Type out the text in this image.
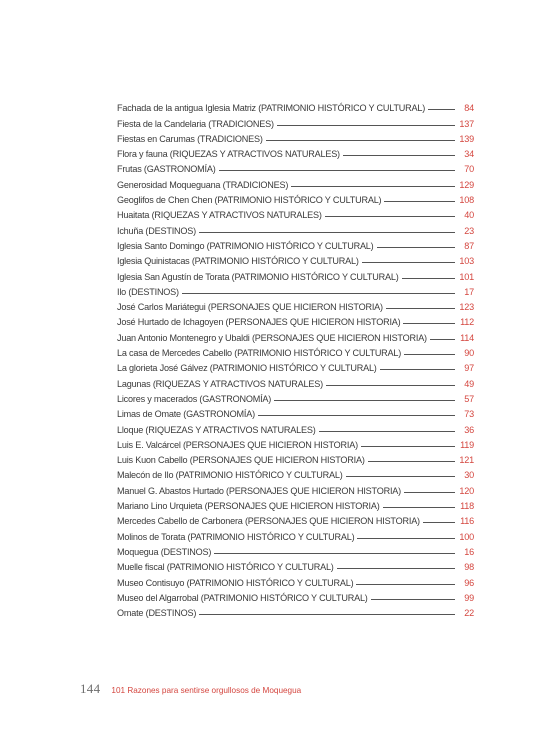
Fachada de la antigua Iglesia Matriz (PATRIMONIO HISTÓRICO Y CULTURAL)	84
Fiesta de la Candelaria (TRADICIONES)	137
Fiestas en Carumas (TRADICIONES)	139
Flora y fauna (RIQUEZAS Y ATRACTIVOS NATURALES)	34
Frutas (GASTRONOMÍA)	70
Generosidad Moqueguana (TRADICIONES)	129
Geoglifos de Chen Chen (PATRIMONIO HISTÓRICO Y CULTURAL)	108
Huaitata (RIQUEZAS Y ATRACTIVOS NATURALES)	40
Ichuña (DESTINOS)	23
Iglesia Santo Domingo (PATRIMONIO HISTÓRICO Y CULTURAL)	87
Iglesia Quinistacas (PATRIMONIO HISTÓRICO Y CULTURAL)	103
Iglesia San Agustín de Torata (PATRIMONIO HISTÓRICO Y CULTURAL)	101
Ilo (DESTINOS)	17
José Carlos Mariátegui (PERSONAJES QUE HICIERON HISTORIA)	123
José Hurtado de Ichagoyen (PERSONAJES QUE HICIERON HISTORIA)	112
Juan Antonio Montenegro y Ubaldi (PERSONAJES QUE HICIERON HISTORIA)	114
La casa de Mercedes Cabello (PATRIMONIO HISTÓRICO Y CULTURAL)	90
La glorieta José Gálvez (PATRIMONIO HISTÓRICO Y CULTURAL)	97
Lagunas (RIQUEZAS Y ATRACTIVOS NATURALES)	49
Licores y macerados (GASTRONOMÍA)	57
Limas de Omate (GASTRONOMÍA)	73
Lloque (RIQUEZAS Y ATRACTIVOS NATURALES)	36
Luis E. Valcárcel (PERSONAJES QUE HICIERON HISTORIA)	119
Luis Kuon Cabello (PERSONAJES QUE HICIERON HISTORIA)	121
Malecón de Ilo (PATRIMONIO HISTÓRICO Y CULTURAL)	30
Manuel G. Abastos Hurtado (PERSONAJES QUE HICIERON HISTORIA)	120
Mariano Lino Urquieta (PERSONAJES QUE HICIERON HISTORIA)	118
Mercedes Cabello de Carbonera (PERSONAJES QUE HICIERON HISTORIA)	116
Molinos de Torata (PATRIMONIO HISTÓRICO Y CULTURAL)	100
Moquegua (DESTINOS)	16
Muelle fiscal (PATRIMONIO HISTÓRICO Y CULTURAL)	98
Museo Contisuyo (PATRIMONIO HISTÓRICO Y CULTURAL)	96
Museo del Algarrobal (PATRIMONIO HISTÓRICO Y CULTURAL)	99
Omate (DESTINOS)	22
144 101 Razones para sentirse orgullosos de Moquegua
